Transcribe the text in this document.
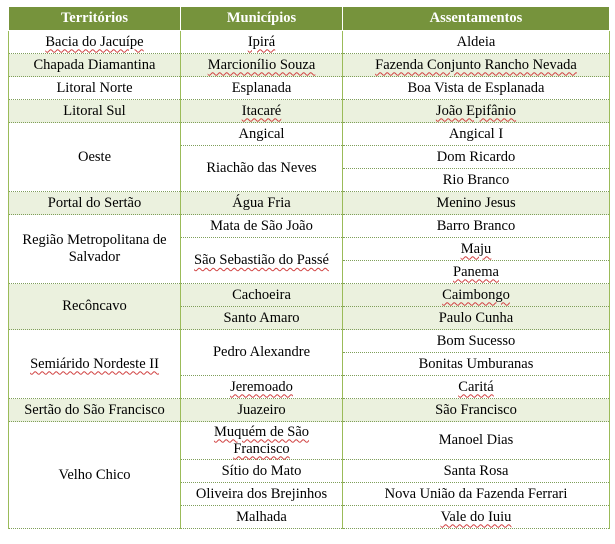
Territórios	Municípios	Assentamentos
Bacia do Jacuípe	Ipirá	Aldeia
Chapada Diamantina	Marcionílio Souza	Fazenda Conjunto Rancho Nevada
Litoral Norte	Esplanada	Boa Vista de Esplanada
Litoral Sul	Itacaré	João Epifânio
Oeste	Angical	Angical I
	Riachão das Neves	Dom Ricardo
		Rio Branco
Portal do Sertão	Água Fria	Menino Jesus
Região Metropolitana de Salvador	Mata de São João	Barro Branco
	São Sebastião do Passé	Maju
		Panema
Recôncavo	Cachoeira	Caimbongo
	Santo Amaro	Paulo Cunha
Semiárido Nordeste II	Pedro Alexandre	Bom Sucesso
		Bonitas Umburanas
	Jeremoado	Caritá
Sertão do São Francisco	Juazeiro	São Francisco
Velho Chico	Muquém de São Francisco	Manoel Dias
	Sítio do Mato	Santa Rosa
	Oliveira dos Brejinhos	Nova União da Fazenda Ferrari
	Malhada	Vale do Iuiu
